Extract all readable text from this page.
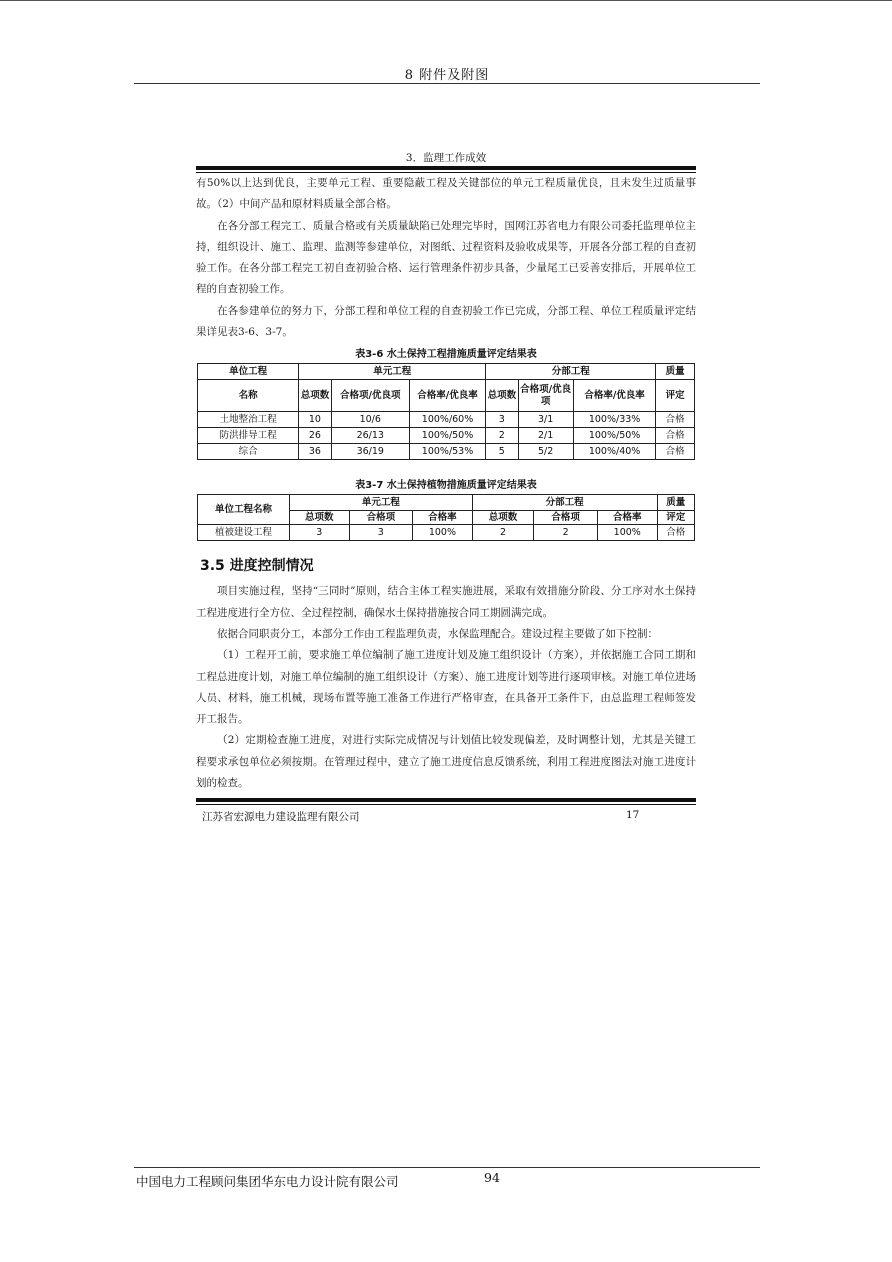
8 附件及附图
3．监理工作成效

有50%以上达到优良，主要单元工程、重要隐蔽工程及关键部位的单元工程质量优良，且未发生过质量事故。（2）中间产品和原材料质量全部合格。

在各分部工程完工、质量合格或有关质量缺陷已处理完毕时，国网江苏省电力有限公司委托监理单位主持，组织设计、施工、监理、监测等参建单位，对图纸、过程资料及验收成果等，开展各分部工程的自查初验工作。在各分部工程完工初自查初验合格、运行管理条件初步具备，少量尾工已妥善安排后，开展单位工程的自查初验工作。

在各参建单位的努力下，分部工程和单位工程的自查初验工作已完成，分部工程、单位工程质量评定结果详见表3-6、3-7。

表3-6 水土保持工程措施质量评定结果表
单位工程	单元工程			分部工程			质量
名称	总项数	合格项/优良项	合格率/优良率	总项数	合格项/优良项	合格率/优良率	评定
土地整治工程	10	10/6	100%/60%	3	3/1	100%/33%	合格
防洪排导工程	26	26/13	100%/50%	2	2/1	100%/50%	合格
综合	36	36/19	100%/53%	5	5/2	100%/40%	合格
表3-7 水土保持植物措施质量评定结果表
单位工程名称	单元工程			分部工程			质量
	总项数	合格项	合格率	总项数	合格项	合格率	评定
植被建设工程	3	3	100%	2	2	100%	合格
3.5 进度控制情况

项目实施过程，坚持“三同时”原则，结合主体工程实施进展，采取有效措施分阶段、分工序对水土保持工程进度进行全方位、全过程控制，确保水土保持措施按合同工期圆满完成。

依据合同职责分工，本部分工作由工程监理负责，水保监理配合。建设过程主要做了如下控制：

（1）工程开工前，要求施工单位编制了施工进度计划及施工组织设计（方案），并依据施工合同工期和工程总进度计划，对施工单位编制的施工组织设计（方案）、施工进度计划等进行逐项审核。对施工单位进场人员、材料，施工机械，现场布置等施工准备工作进行严格审查，在具备开工条件下，由总监理工程师签发开工报告。

（2）定期检查施工进度，对进行实际完成情况与计划值比较发现偏差，及时调整计划，尤其是关键工程要求承包单位必须按期。在管理过程中，建立了施工进度信息反馈系统，利用工程进度图法对施工进度计划的检查。

江苏省宏源电力建设监理有限公司	17
中国电力工程顾问集团华东电力设计院有限公司	94
